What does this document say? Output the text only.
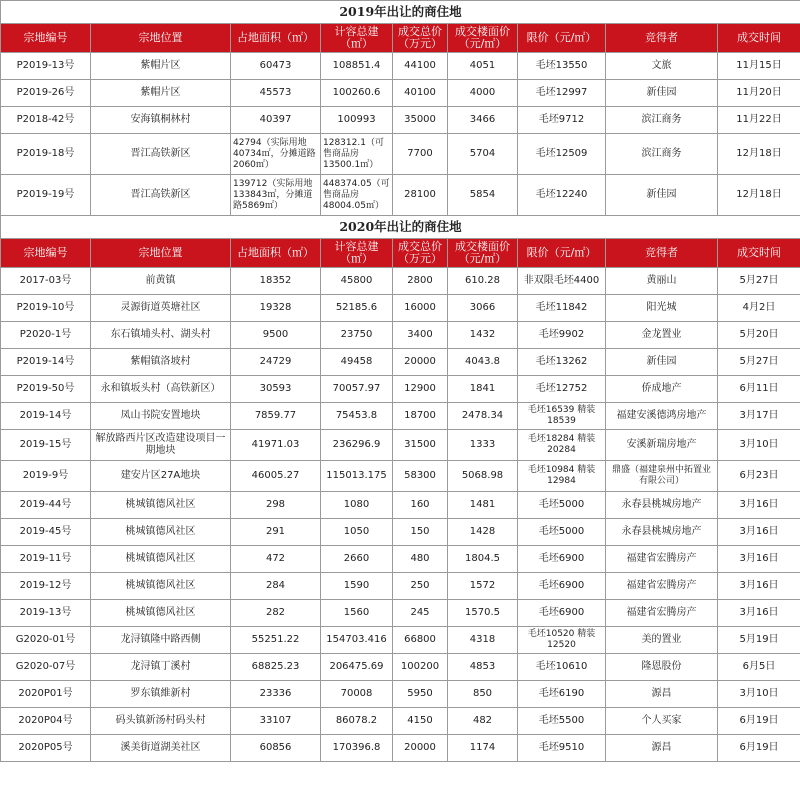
2019年出让的商住地								
宗地编号	宗地位置	占地面积（㎡）	计容总建（㎡）	成交总价（万元）	成交楼面价（元/㎡）	限价（元/㎡）	竞得者	成交时间
P2019-13号	紫帽片区	60473	108851.4	44100	4051	毛坯13550	文旅	11月15日
P2019-26号	紫帽片区	45573	100260.6	40100	4000	毛坯12997	新佳园	11月20日
P2018-42号	安海镇桐林村	40397	100993	35000	3466	毛坯9712	滨江商务	11月22日
P2019-18号	晋江高铁新区	42794（实际用地40734㎡，分摊道路2060㎡）	128312.1（可售商品房13500.1㎡）	7700	5704	毛坯12509	滨江商务	12月18日
P2019-19号	晋江高铁新区	139712（实际用地133843㎡，分摊道路5869㎡）	448374.05（可售商品房48004.05㎡）	28100	5854	毛坯12240	新佳园	12月18日
2020年出让的商住地								
宗地编号	宗地位置	占地面积（㎡）	计容总建（㎡）	成交总价（万元）	成交楼面价（元/㎡）	限价（元/㎡）	竞得者	成交时间
2017-03号	前黄镇	18352	45800	2800	610.28	非双限毛坯4400	黄丽山	5月27日
P2019-10号	灵源街道英塘社区	19328	52185.6	16000	3066	毛坯11842	阳光城	4月2日
P2020-1号	东石镇埔头村、湖头村	9500	23750	3400	1432	毛坯9902	金龙置业	5月20日
P2019-14号	紫帽镇洛坡村	24729	49458	20000	4043.8	毛坯13262	新佳园	5月27日
P2019-50号	永和镇坂头村（高铁新区）	30593	70057.97	12900	1841	毛坯12752	侨成地产	6月11日
2019-14号	凤山书院安置地块	7859.77	75453.8	18700	2478.34	毛坯16539 精装18539	福建安溪德鸿房地产	3月17日
2019-15号	解放路西片区改造建设项目一期地块	41971.03	236296.9	31500	1333	毛坯18284 精装20284	安溪新瑞房地产	3月10日
2019-9号	建安片区27A地块	46005.27	115013.175	58300	5068.98	毛坯10984 精装12984	鼎盛（福建泉州中拓置业有限公司）	6月23日
2019-44号	桃城镇德风社区	298	1080	160	1481	毛坯5000	永春县桃城房地产	3月16日
2019-45号	桃城镇德风社区	291	1050	150	1428	毛坯5000	永春县桃城房地产	3月16日
2019-11号	桃城镇德风社区	472	2660	480	1804.5	毛坯6900	福建省宏腾房产	3月16日
2019-12号	桃城镇德风社区	284	1590	250	1572	毛坯6900	福建省宏腾房产	3月16日
2019-13号	桃城镇德风社区	282	1560	245	1570.5	毛坯6900	福建省宏腾房产	3月16日
G2020-01号	龙浔镇隆中路西侧	55251.22	154703.416	66800	4318	毛坯10520 精装12520	美的置业	5月19日
G2020-07号	龙浔镇丁溪村	68825.23	206475.69	100200	4853	毛坯10610	隆恩股份	6月5日
2020P01号	罗东镇維新村	23336	70008	5950	850	毛坯6190	源昌	3月10日
2020P04号	码头镇新汤村码头村	33107	86078.2	4150	482	毛坯5500	个人买家	6月19日
2020P05号	溪美街道湖美社区	60856	170396.8	20000	1174	毛坯9510	源昌	6月19日
